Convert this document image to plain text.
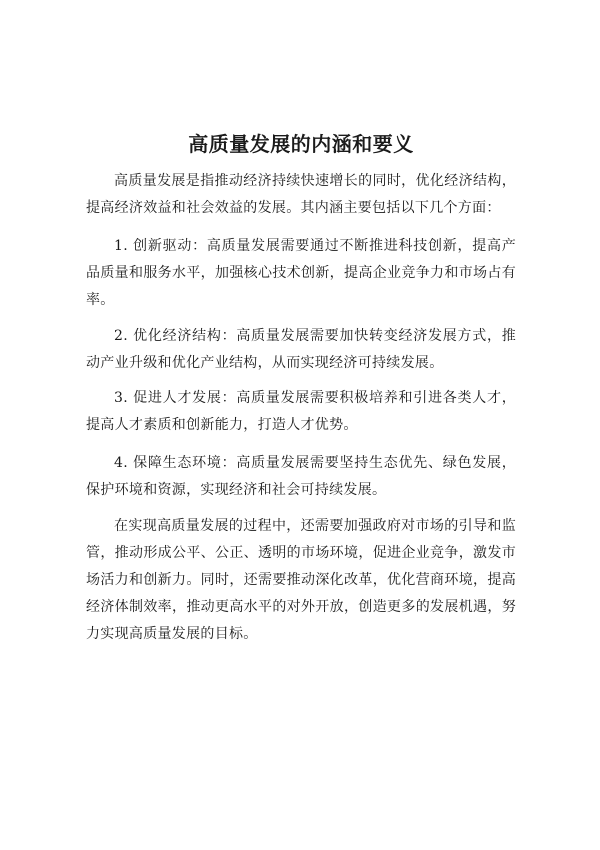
高质量发展的内涵和要义

高质量发展是指推动经济持续快速增长的同时，优化经济结构，提高经济效益和社会效益的发展。其内涵主要包括以下几个方面：

1. 创新驱动：高质量发展需要通过不断推进科技创新，提高产品质量和服务水平，加强核心技术创新，提高企业竞争力和市场占有率。

2. 优化经济结构：高质量发展需要加快转变经济发展方式，推动产业升级和优化产业结构，从而实现经济可持续发展。

3. 促进人才发展：高质量发展需要积极培养和引进各类人才，提高人才素质和创新能力，打造人才优势。

4. 保障生态环境：高质量发展需要坚持生态优先、绿色发展，保护环境和资源，实现经济和社会可持续发展。

在实现高质量发展的过程中，还需要加强政府对市场的引导和监管，推动形成公平、公正、透明的市场环境，促进企业竞争，激发市场活力和创新力。同时，还需要推动深化改革，优化营商环境，提高经济体制效率，推动更高水平的对外开放，创造更多的发展机遇，努力实现高质量发展的目标。
